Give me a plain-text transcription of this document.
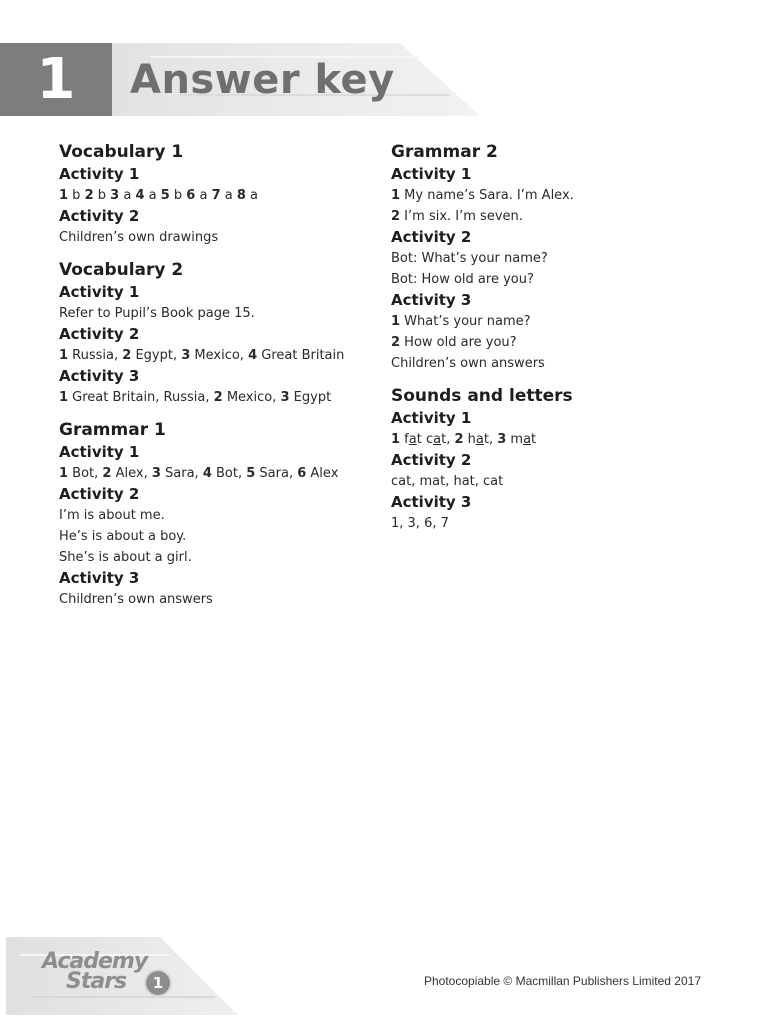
1	Answer key
Vocabulary 1
Activity 1
1 b 2 b 3 a 4 a 5 b 6 a 7 a 8 a
Activity 2
Children’s own drawings
Vocabulary 2
Activity 1
Refer to Pupil’s Book page 15.
Activity 2
1 Russia, 2 Egypt, 3 Mexico, 4 Great Britain
Activity 3
1 Great Britain, Russia, 2 Mexico, 3 Egypt
Grammar 1
Activity 1
1 Bot, 2 Alex, 3 Sara, 4 Bot, 5 Sara, 6 Alex
Activity 2
I’m is about me.
He’s is about a boy.
She’s is about a girl.
Activity 3
Children’s own answers
Grammar 2
Activity 1
1 My name’s Sara. I’m Alex.
2 I’m six. I’m seven.
Activity 2
Bot: What’s your name?
Bot: How old are you?
Activity 3
1 What’s your name?
2 How old are you?
Children’s own answers
Sounds and letters
Activity 1
1 fat cat, 2 hat, 3 mat
Activity 2
cat, mat, hat, cat
Activity 3
1, 3, 6, 7
Academy
Stars	1	Photocopiable © Macmillan Publishers Limited 2017
